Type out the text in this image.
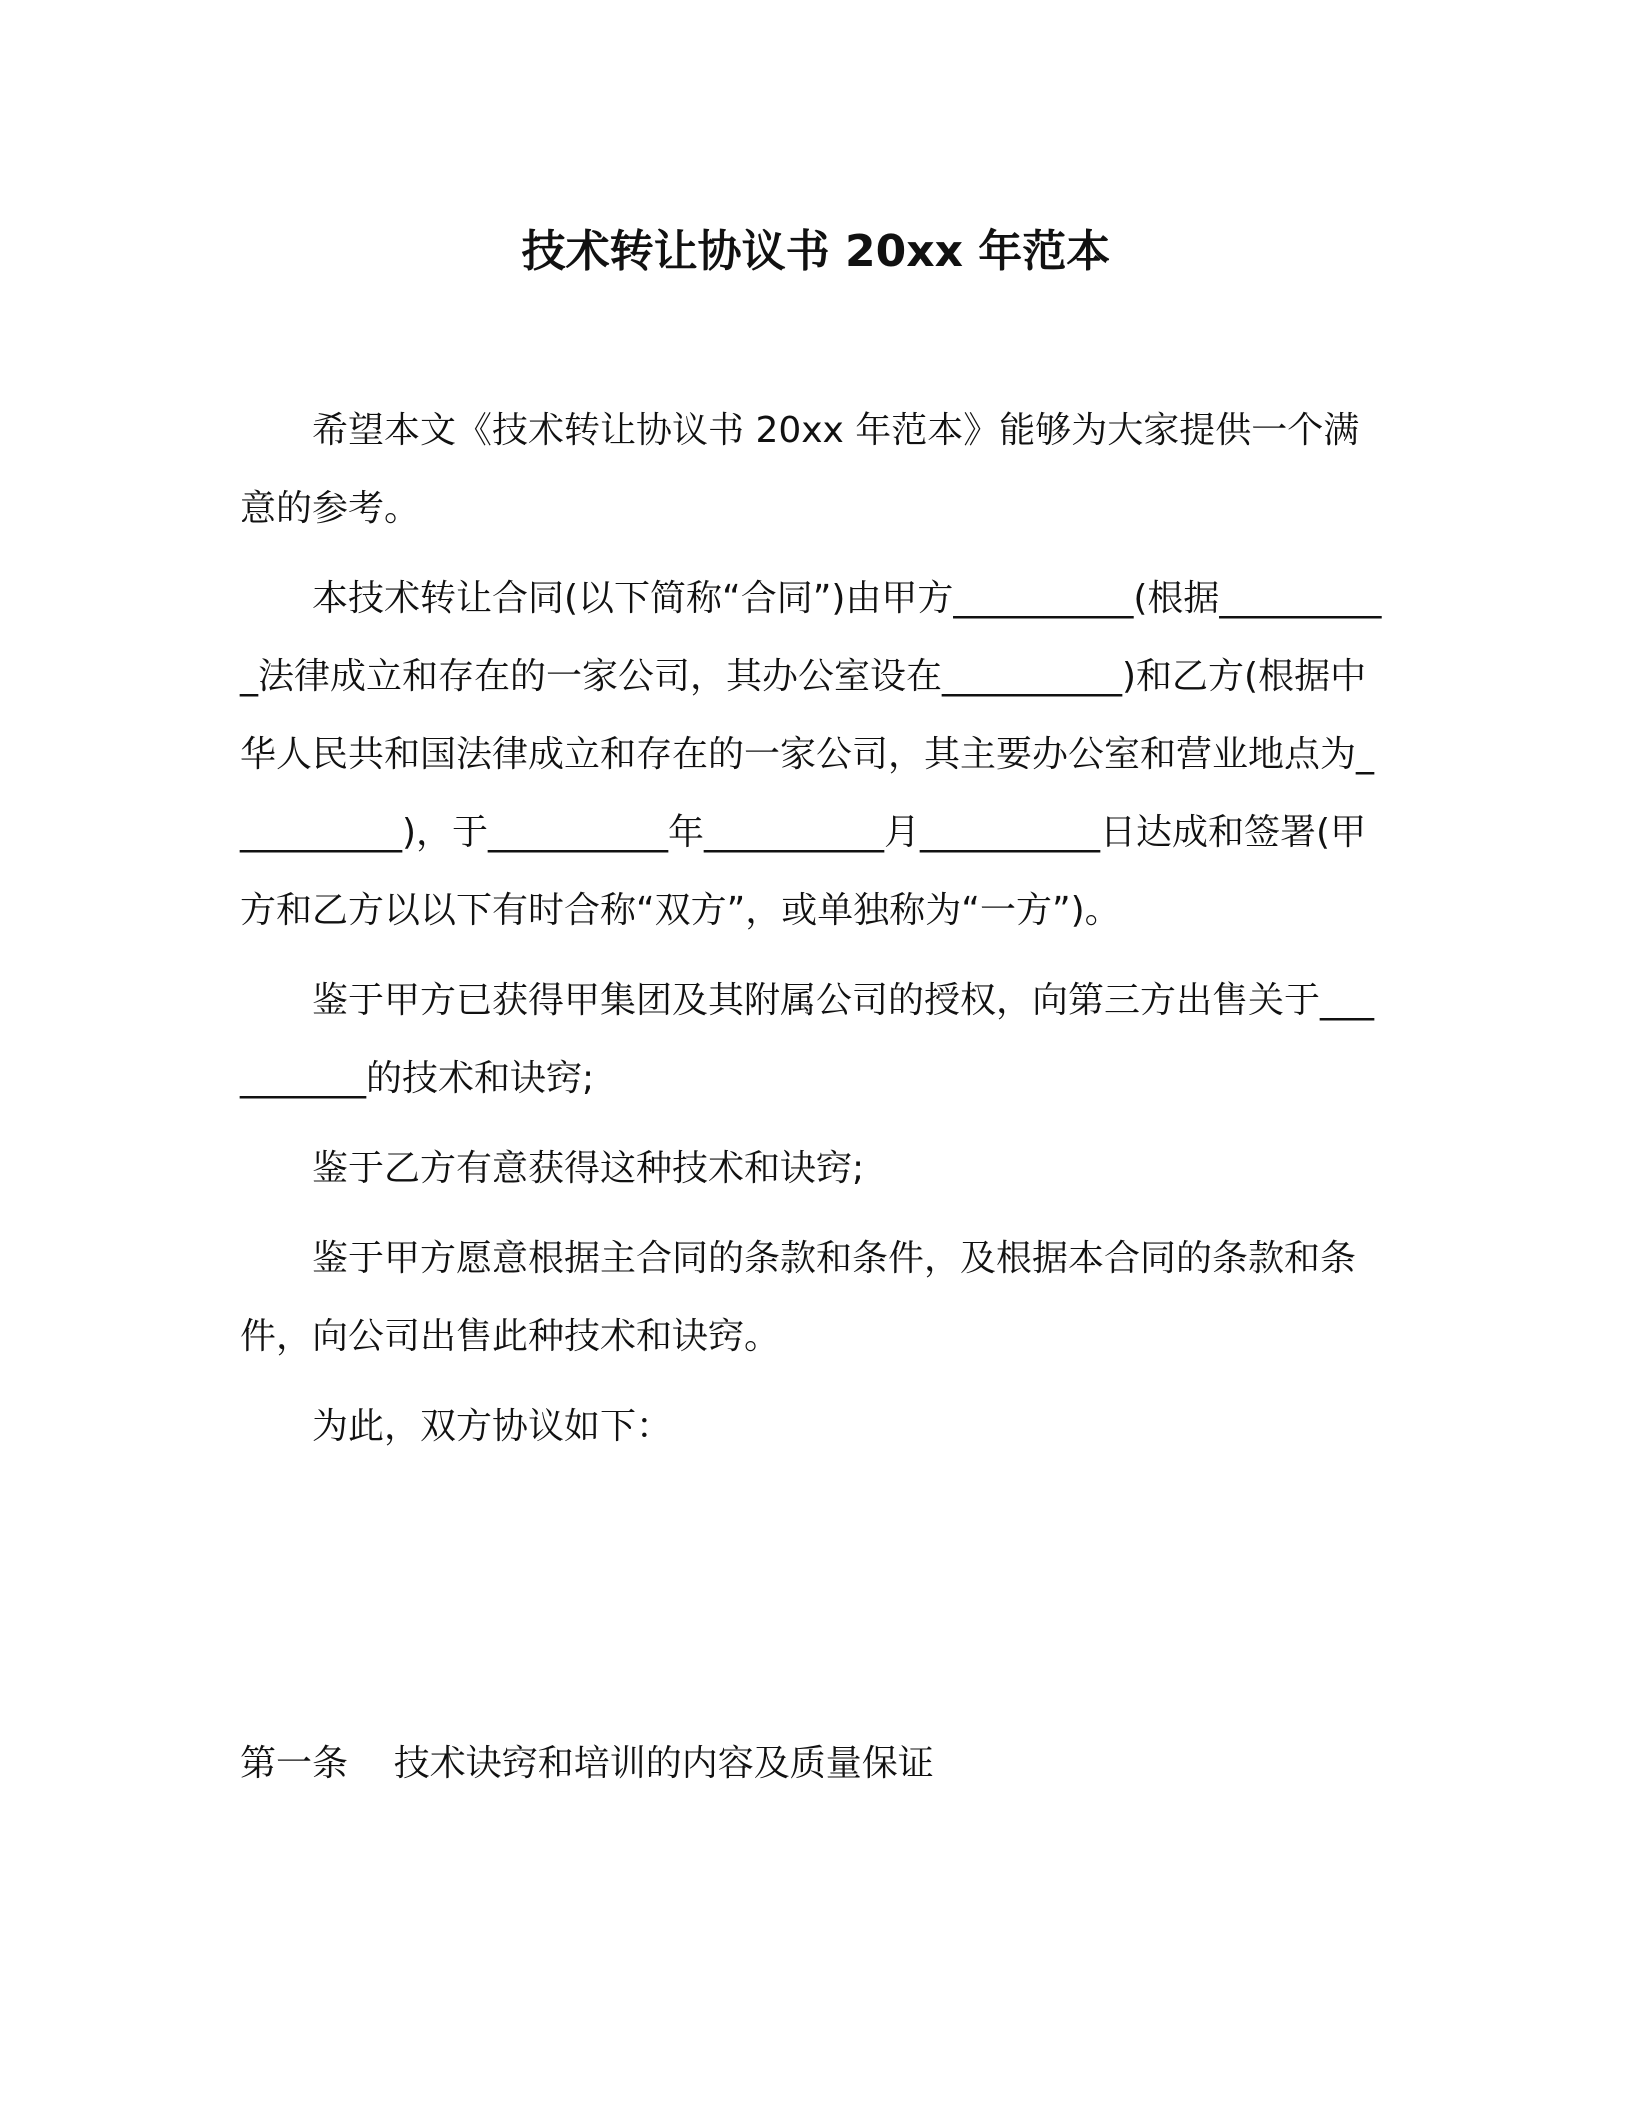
技术转让协议书 20xx 年范本

希望本文《技术转让协议书 20xx 年范本》能够为大家提供一个满意的参考。

本技术转让合同(以下简称“合同”)由甲方__________(根据__________法律成立和存在的一家公司，其办公室设在__________)和乙方(根据中华人民共和国法律成立和存在的一家公司，其主要办公室和营业地点为__________)，于__________年__________月__________日达成和签署(甲方和乙方以以下有时合称“双方”，或单独称为“一方”)。

鉴于甲方已获得甲集团及其附属公司的授权，向第三方出售关于__________的技术和诀窍;

鉴于乙方有意获得这种技术和诀窍;

鉴于甲方愿意根据主合同的条款和条件，及根据本合同的条款和条件，向公司出售此种技术和诀窍。

为此，双方协议如下：

第一条    技术诀窍和培训的内容及质量保证
